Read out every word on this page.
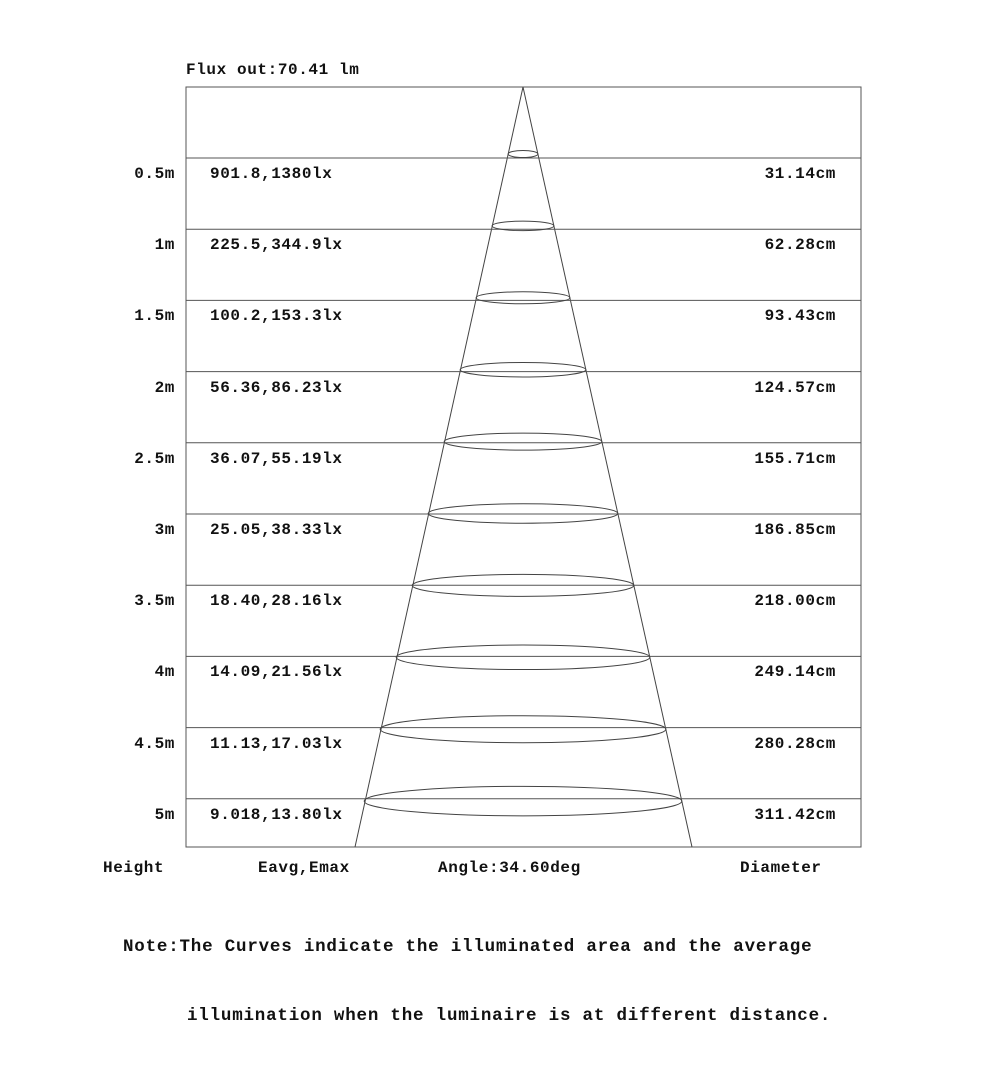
Flux out:70.41 lm
0.5m 901.8,1380lx	31.14cm
1m 225.5,344.9lx	62.28cm
1.5m 100.2,153.3lx	93.43cm
2m 56.36,86.23lx	124.57cm
2.5m 36.07,55.19lx	155.71cm
3m 25.05,38.33lx	186.85cm
3.5m 18.40,28.16lx	218.00cm
4m 14.09,21.56lx	249.14cm
4.5m 11.13,17.03lx	280.28cm
5m 9.018,13.80lx	311.42cm
Height	Eavg,Emax	Angle:34.60deg	Diameter

Note:The Curves indicate the illuminated area and the average

illumination when the luminaire is at different distance.
